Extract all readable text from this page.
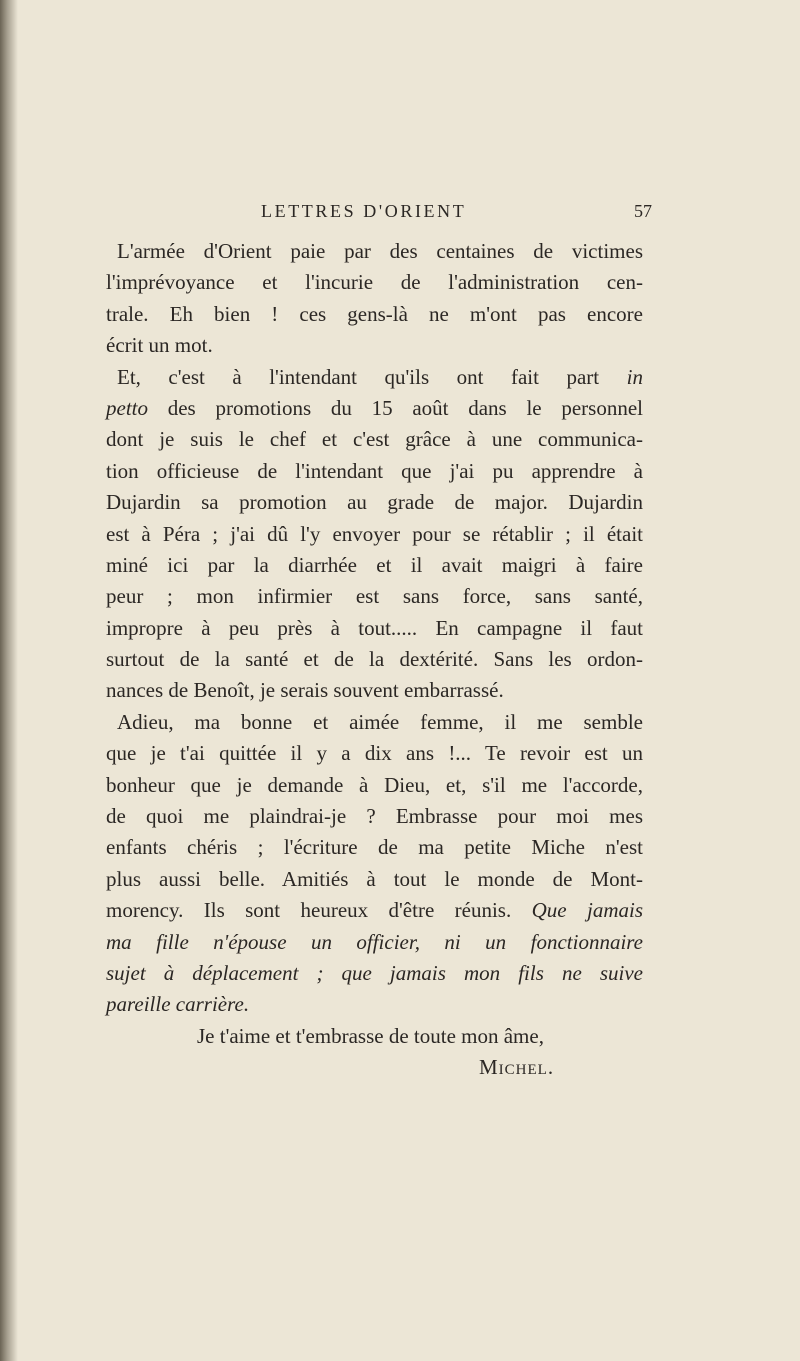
LETTRES D'ORIENT	57
L'armée d'Orient paie par des centaines de victimes
l'imprévoyance et l'incurie de l'administration cen-
trale. Eh bien ! ces gens-là ne m'ont pas encore
écrit un mot.
Et, c'est à l'intendant qu'ils ont fait part in
petto des promotions du 15 août dans le personnel
dont je suis le chef et c'est grâce à une communica-
tion officieuse de l'intendant que j'ai pu apprendre à
Dujardin sa promotion au grade de major. Dujardin
est à Péra ; j'ai dû l'y envoyer pour se rétablir ; il était
miné ici par la diarrhée et il avait maigri à faire
peur ; mon infirmier est sans force, sans santé,
impropre à peu près à tout..... En campagne il faut
surtout de la santé et de la dextérité. Sans les ordon-
nances de Benoît, je serais souvent embarrassé.
Adieu, ma bonne et aimée femme, il me semble
que je t'ai quittée il y a dix ans !... Te revoir est un
bonheur que je demande à Dieu, et, s'il me l'accorde,
de quoi me plaindrai-je ? Embrasse pour moi mes
enfants chéris ; l'écriture de ma petite Miche n'est
plus aussi belle. Amitiés à tout le monde de Mont-
morency. Ils sont heureux d'être réunis. Que jamais
ma fille n'épouse un officier, ni un fonctionnaire
sujet à déplacement ; que jamais mon fils ne suive
pareille carrière.
Je t'aime et t'embrasse de toute mon âme,
Michel.
